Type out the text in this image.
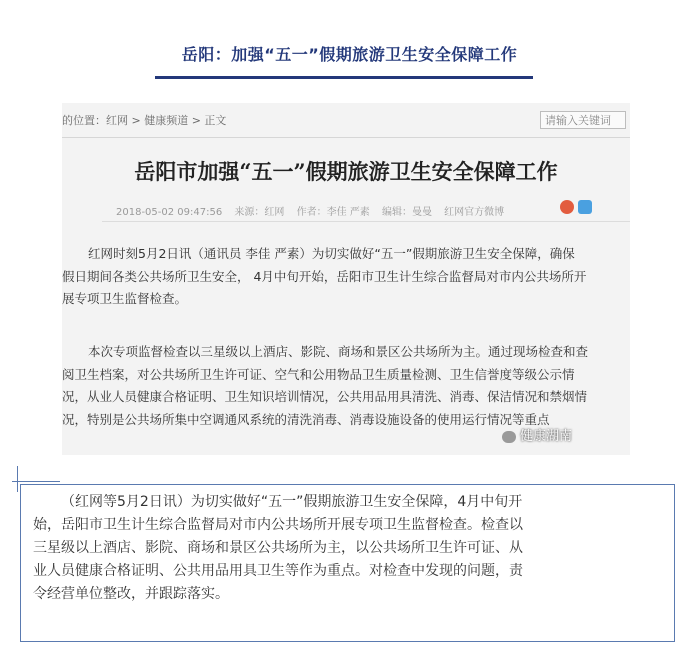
岳阳：加强“五一”假期旅游卫生安全保障工作
的位置：红网 > 健康频道 > 正文	请输入关键词
岳阳市加强“五一”假期旅游卫生安全保障工作
2018-05-02 09:47:56 来源：红网 作者：李佳 严素 编辑：曼曼 红网官方微博
红网时刻5月2日讯（通讯员 李佳 严素）为切实做好“五一”假期旅游卫生安全保障，确保
假日期间各类公共场所卫生安全， 4月中旬开始，岳阳市卫生计生综合监督局对市内公共场所开
展专项卫生监督检查。
本次专项监督检查以三星级以上酒店、影院、商场和景区公共场所为主。通过现场检查和查
阅卫生档案，对公共场所卫生许可证、空气和公用物品卫生质量检测、卫生信誉度等级公示情
况，从业人员健康合格证明、卫生知识培训情况，公共用品用具清洗、消毒、保洁情况和禁烟情
况，特别是公共场所集中空调通风系统的清洗消毒、消毒设施设备的使用运行情况等重点
健康湖南
（红网等5月2日讯）为切实做好“五一”假期旅游卫生安全保障，4月中旬开
始，岳阳市卫生计生综合监督局对市内公共场所开展专项卫生监督检查。检查以
三星级以上酒店、影院、商场和景区公共场所为主，以公共场所卫生许可证、从
业人员健康合格证明、公共用品用具卫生等作为重点。对检查中发现的问题，责
令经营单位整改，并跟踪落实。
